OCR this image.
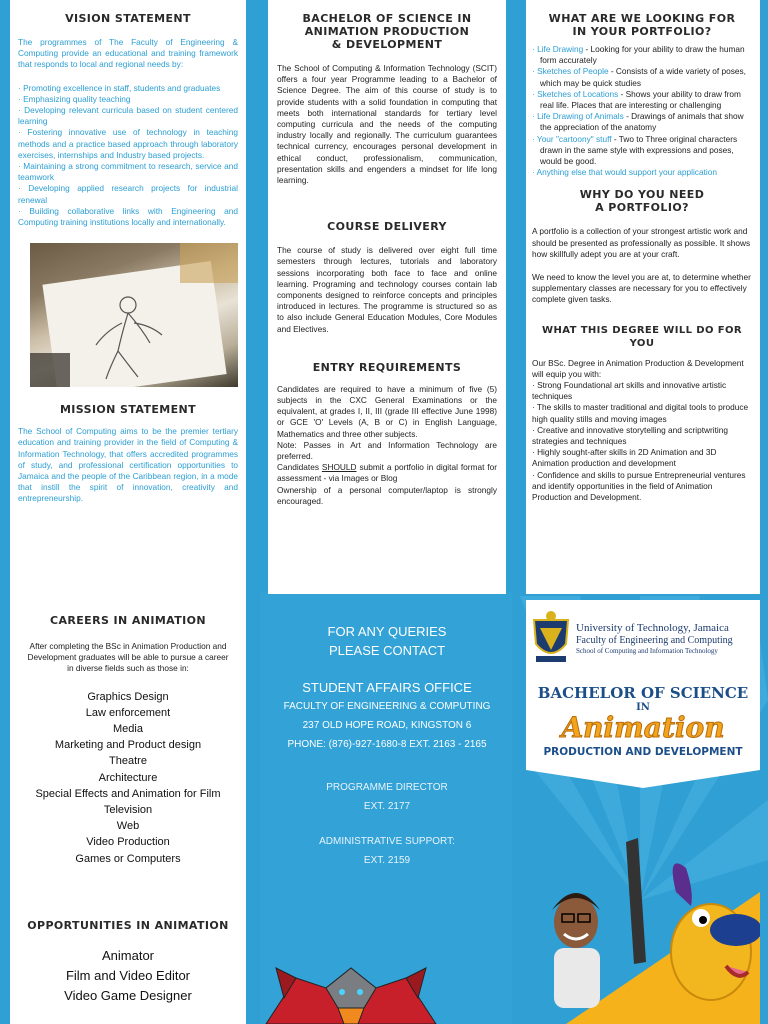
VISION STATEMENT
The programmes of The Faculty of Engineering & Computing provide an educational and training framework that responds to local and regional needs by:
· Promoting excellence in staff, students and graduates
· Emphasizing quality teaching
· Developing relevant curricula based on student centered learning
· Fostering innovative use of technology in teaching methods and a practice based approach through laboratory exercises, internships and Industry based projects.
· Maintaining a strong commitment to research, service and teamwork
· Developing applied research projects for industrial renewal
· Building collaborative links with Engineering and Computing training institutions locally and internationally.
MISSION STATEMENT
The School of Computing aims to be the premier tertiary education and training provider in the field of Computing & Information Technology, that offers accredited programmes of study, and professional certification opportunities to Jamaica and the people of the Caribbean region, in a mode that instill the spirit of innovation, creativity and entrepreneurship.
BACHELOR OF SCIENCE IN
ANIMATION PRODUCTION
& DEVELOPMENT
The School of Computing & Information Technology (SCIT) offers a four year Programme leading to a Bachelor of Science Degree. The aim of this course of study is to provide students with a solid foundation in computing that meets both international standards for tertiary level computing curricula and the needs of the computing industry locally and regionally. The curriculum guarantees technical currency, encourages personal development in ethical conduct, professionalism, communication, presentation skills and engenders a mindset for life long learning.
COURSE DELIVERY
The course of study is delivered over eight full time semesters through lectures, tutorials and laboratory sessions incorporating both face to face and online learning. Programing and technology courses contain lab components designed to reinforce concepts and principles introduced in lectures. The programme is structured so as to also include General Education Modules, Core Modules and Electives.
ENTRY REQUIREMENTS

Candidates are required to have a minimum of five (5) subjects in the CXC General Examinations or the equivalent, at grades I, II, III (grade III effective June 1998) or GCE 'O' Levels (A, B or C) in English Language, Mathematics and three other subjects.

Note: Passes in Art and Information Technology are preferred.

Candidates SHOULD submit a portfolio in digital format for assessment - via Images or Blog

Ownership of a personal computer/laptop is strongly encouraged.

WHAT ARE WE LOOKING FOR
IN YOUR PORTFOLIO?
· Life Drawing - Looking for your ability to draw the human form accurately
· Sketches of People - Consists of a wide variety of poses, which may be quick studies
· Sketches of Locations - Shows your ability to draw from real life. Places that are interesting or challenging
· Life Drawing of Animals - Drawings of animals that show the appreciation of the anatomy
· Your "cartoony" stuff - Two to Three original characters drawn in the same style with expressions and poses, would be good.
· Anything else that would support your application
WHY DO YOU NEED
A PORTFOLIO?
A portfolio is a collection of your strongest artistic work and should be presented as professionally as possible. It shows how skillfully adept you are at your craft.
We need to know the level you are at, to determine whether supplementary classes are necessary for you to effectively complete given tasks.
WHAT THIS DEGREE WILL DO FOR YOU
Our BSc. Degree in Animation Production & Development will equip you with:
· Strong Foundational art skills and innovative artistic techniques
· The skills to master traditional and digital tools to produce high quality stills and moving images
· Creative and innovative storytelling and scriptwriting strategies and techniques
· Highly sought-after skills in 2D Animation and 3D Animation production and development
· Confidence and skills to pursue Entrepreneurial ventures and identify opportunities in the field of Animation Production and Development.
CAREERS IN ANIMATION
After completing the BSc in Animation Production and Development graduates will be able to pursue a career in diverse fields such as those in:
Graphics Design
Law enforcement
Media
Marketing and Product design
Theatre
Architecture
Special Effects and Animation for Film
Television
Web
Video Production
Games or Computers
OPPORTUNITIES IN ANIMATION
Animator
Film and Video Editor
Video Game Designer
FOR ANY QUERIES
PLEASE CONTACT
STUDENT AFFAIRS OFFICE
FACULTY OF ENGINEERING & COMPUTING
237 OLD HOPE ROAD, KINGSTON 6
PHONE: (876)-927-1680-8 EXT. 2163 - 2165
PROGRAMME DIRECTOR
EXT. 2177
ADMINISTRATIVE SUPPORT:
EXT. 2159
University of Technology, Jamaica
Faculty of Engineering and Computing
School of Computing and Information Technology
BACHELOR OF SCIENCE
IN
Animation
PRODUCTION AND DEVELOPMENT
